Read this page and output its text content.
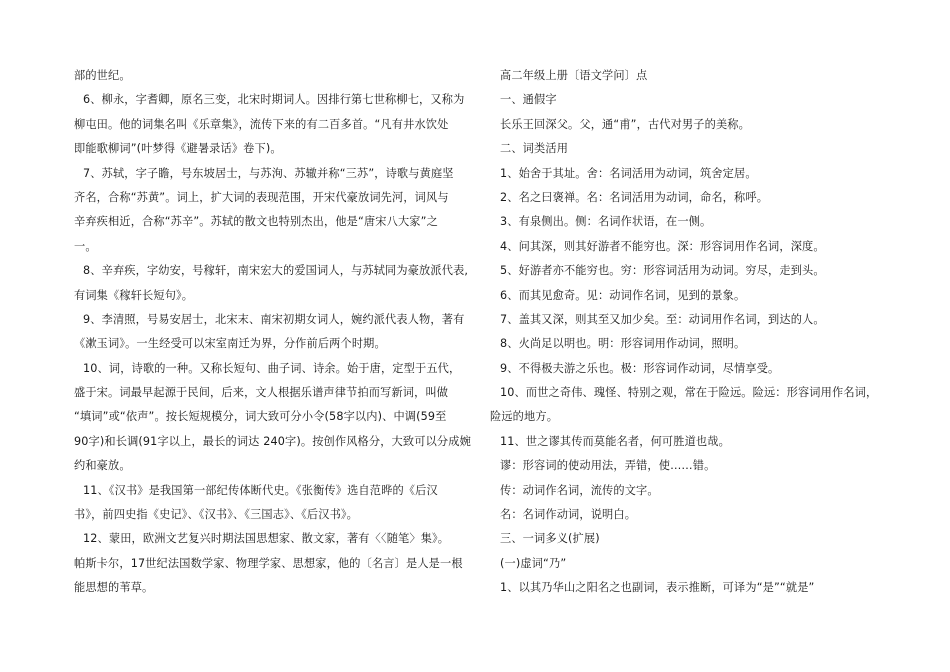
部的世纪。
6、柳永，字耆卿，原名三变，北宋时期词人。因排行第七世称柳七，又称为
柳屯田。他的词集名叫《乐章集》，流传下来的有二百多首。“凡有井水饮处
即能歌柳词”(叶梦得《避暑录话》卷下)。
7、苏轼，字子瞻，号东坡居士，与苏洵、苏辙并称“三苏”，诗歌与黄庭坚
齐名，合称“苏黄”。词上，扩大词的表现范围，开宋代豪放词先河，词风与
辛弃疾相近，合称“苏辛”。苏轼的散文也特别杰出，他是“唐宋八大家”之
一。
8、辛弃疾，字幼安，号稼轩，南宋宏大的爱国词人，与苏轼同为豪放派代表,
有词集《稼轩长短句》。
9、李清照，号易安居士，北宋末、南宋初期女词人，婉约派代表人物，著有
《漱玉词》。一生经受可以宋室南迁为界，分作前后两个时期。
10、词，诗歌的一种。又称长短句、曲子词、诗余。始于唐，定型于五代，
盛于宋。词最早起源于民间，后来，文人根据乐谱声律节拍而写新词，叫做
“填词”或“依声”。按长短规模分，词大致可分小令(58字以内)、中调(59至
90字)和长调(91字以上，最长的词达 240字)。按创作风格分，大致可以分成婉
约和豪放。
11、《汉书》是我国第一部纪传体断代史。《张衡传》选自范晔的《后汉
书》，前四史指《史记》、《汉书》、《三国志》、《后汉书》。
12、蒙田，欧洲文艺复兴时期法国思想家、散文家，著有〈〈随笔〉集》。
帕斯卡尔，17世纪法国数学家、物理学家、思想家，他的〔名言〕是人是一根
能思想的苇草。
高二年级上册〔语文学问〕点
一、通假字
长乐王回深父。父，通“甫”，古代对男子的美称。
二、词类活用
1、始舍于其址。舍：名词活用为动词，筑舍定居。
2、名之曰褒禅。名：名词活用为动词，命名，称呼。
3、有泉侧出。侧：名词作状语，在一侧。
4、问其深，则其好游者不能穷也。深：形容词用作名词，深度。
5、好游者亦不能穷也。穷：形容词活用为动词。穷尽，走到头。
6、而其见愈奇。见：动词作名词，见到的景象。
7、盖其又深，则其至又加少矣。至：动词用作名词，到达的人。
8、火尚足以明也。明：形容词用作动词，照明。
9、不得极夫游之乐也。极：形容词作动词，尽情享受。
10、而世之奇伟、瑰怪、特别之观，常在于险远。险远：形容词用作名词，
险远的地方。
11、世之谬其传而莫能名者，何可胜道也哉。
谬：形容词的使动用法，弄错，使……错。
传：动词作名词，流传的文字。
名：名词作动词，说明白。
三、一词多义(扩展)
(一)虚词“乃”
1、以其乃华山之阳名之也副词，表示推断，可译为“是”“就是”
